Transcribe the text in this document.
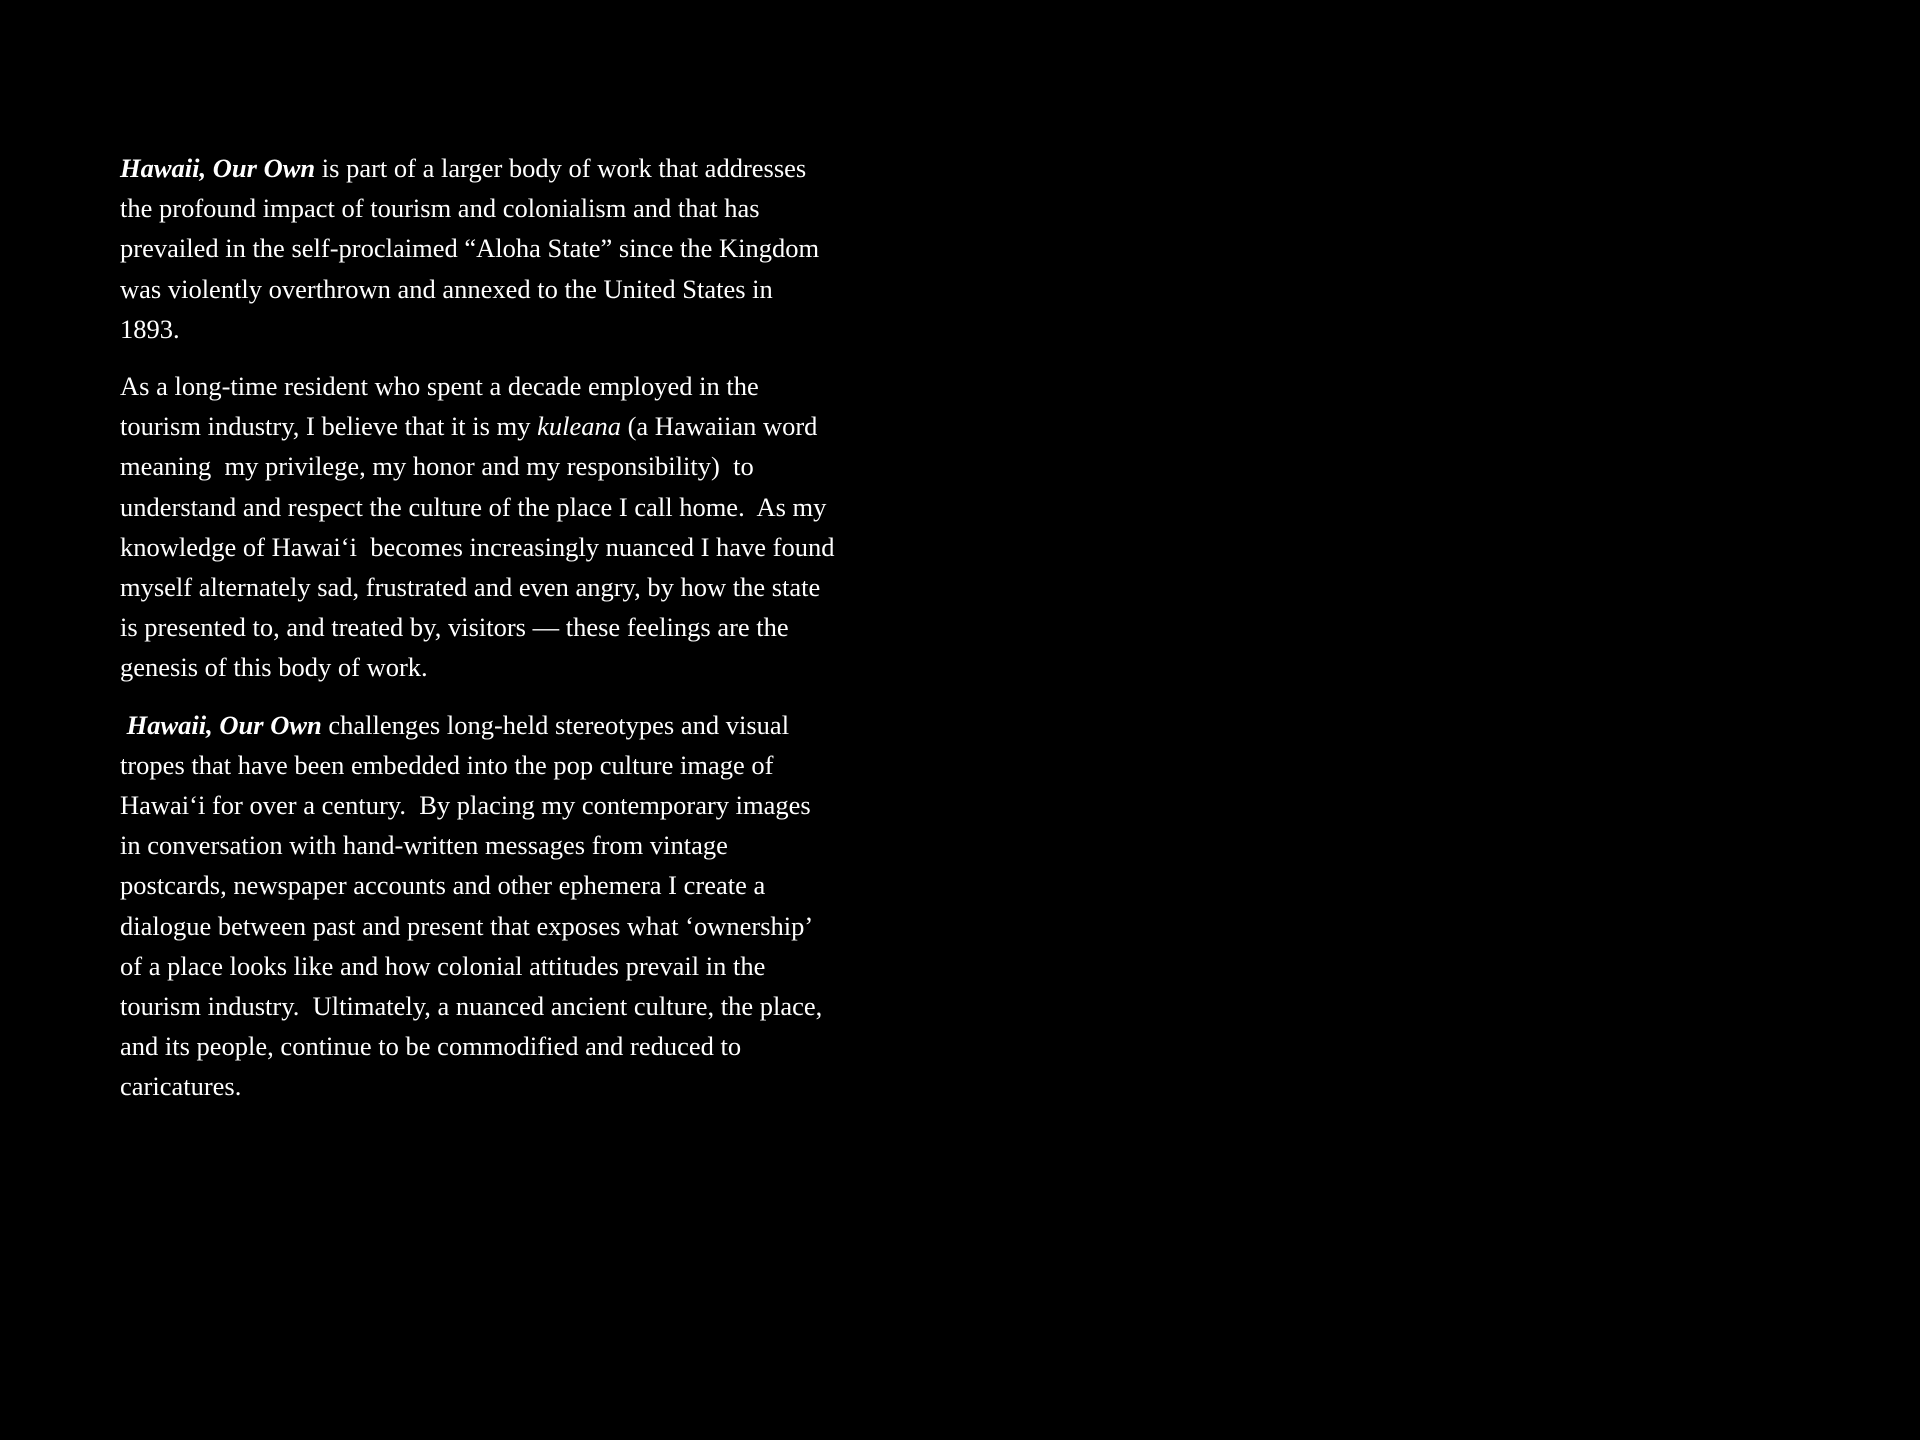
Hawaii, Our Own is part of a larger body of work that addresses
the profound impact of tourism and colonialism and that has
prevailed in the self-proclaimed “Aloha State” since the Kingdom
was violently overthrown and annexed to the United States in
1893.

As a long-time resident who spent a decade employed in the
tourism industry, I believe that it is my kuleana (a Hawaiian word
meaning  my privilege, my honor and my responsibility)  to
understand and respect the culture of the place I call home.  As my
knowledge of Hawaiʻi  becomes increasingly nuanced I have found
myself alternately sad, frustrated and even angry, by how the state
is presented to, and treated by, visitors — these feelings are the
genesis of this body of work.

Hawaii, Our Own challenges long-held stereotypes and visual
tropes that have been embedded into the pop culture image of
Hawaiʻi for over a century.  By placing my contemporary images
in conversation with hand-written messages from vintage
postcards, newspaper accounts and other ephemera I create a
dialogue between past and present that exposes what ‘ownership’
of a place looks like and how colonial attitudes prevail in the
tourism industry.  Ultimately, a nuanced ancient culture, the place,
and its people, continue to be commodified and reduced to
caricatures.
